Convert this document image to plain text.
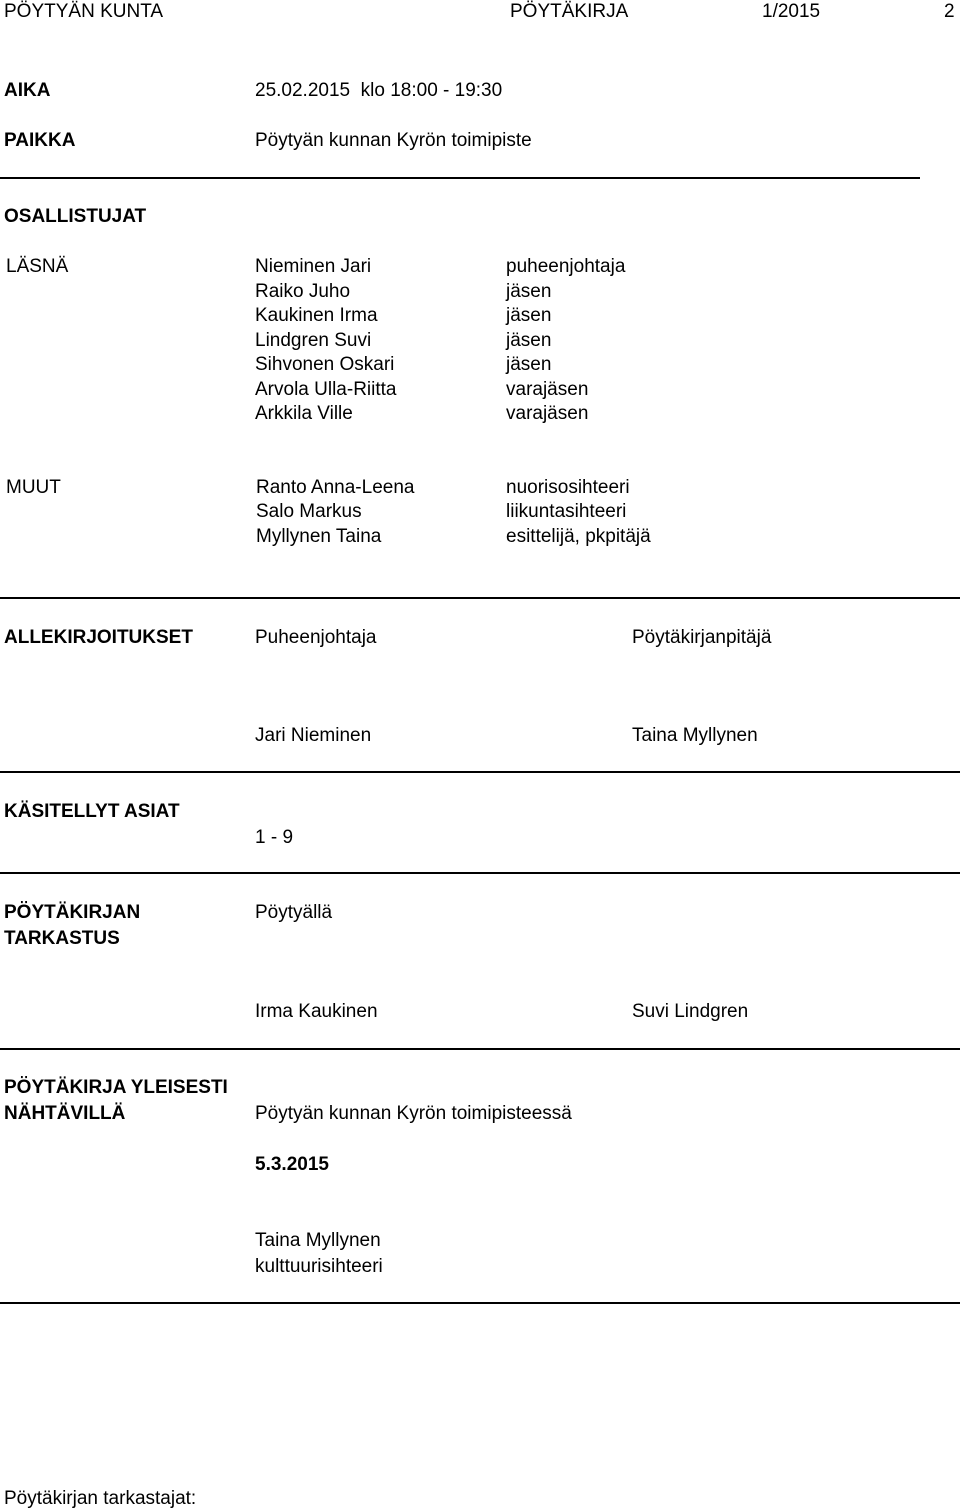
PÖYTYÄN KUNTA	PÖYTÄKIRJA	1/2015	2
AIKA	25.02.2015  klo 18:00 - 19:30
PAIKKA	Pöytyän kunnan Kyrön toimipiste
OSALLISTUJAT
LÄSNÄ	Nieminen Jari	puheenjohtaja
Raiko Juho	jäsen
Kaukinen Irma	jäsen
Lindgren Suvi	jäsen
Sihvonen Oskari	jäsen
Arvola Ulla-Riitta	varajäsen
Arkkila Ville	varajäsen
MUUT	Ranto Anna-Leena	nuorisosihteeri
Salo Markus	liikuntasihteeri
Myllynen Taina	esittelijä, pkpitäjä
ALLEKIRJOITUKSET	Puheenjohtaja	Pöytäkirjanpitäjä
Jari Nieminen	Taina Myllynen
KÄSITELLYT ASIAT
1 - 9
PÖYTÄKIRJAN
TARKASTUS
Pöytyällä
Irma Kaukinen	Suvi Lindgren
PÖYTÄKIRJA YLEISESTI
NÄHTÄVILLÄ	Pöytyän kunnan Kyrön toimipisteessä
5.3.2015
Taina Myllynen
kulttuurisihteeri
Pöytäkirjan tarkastajat:
